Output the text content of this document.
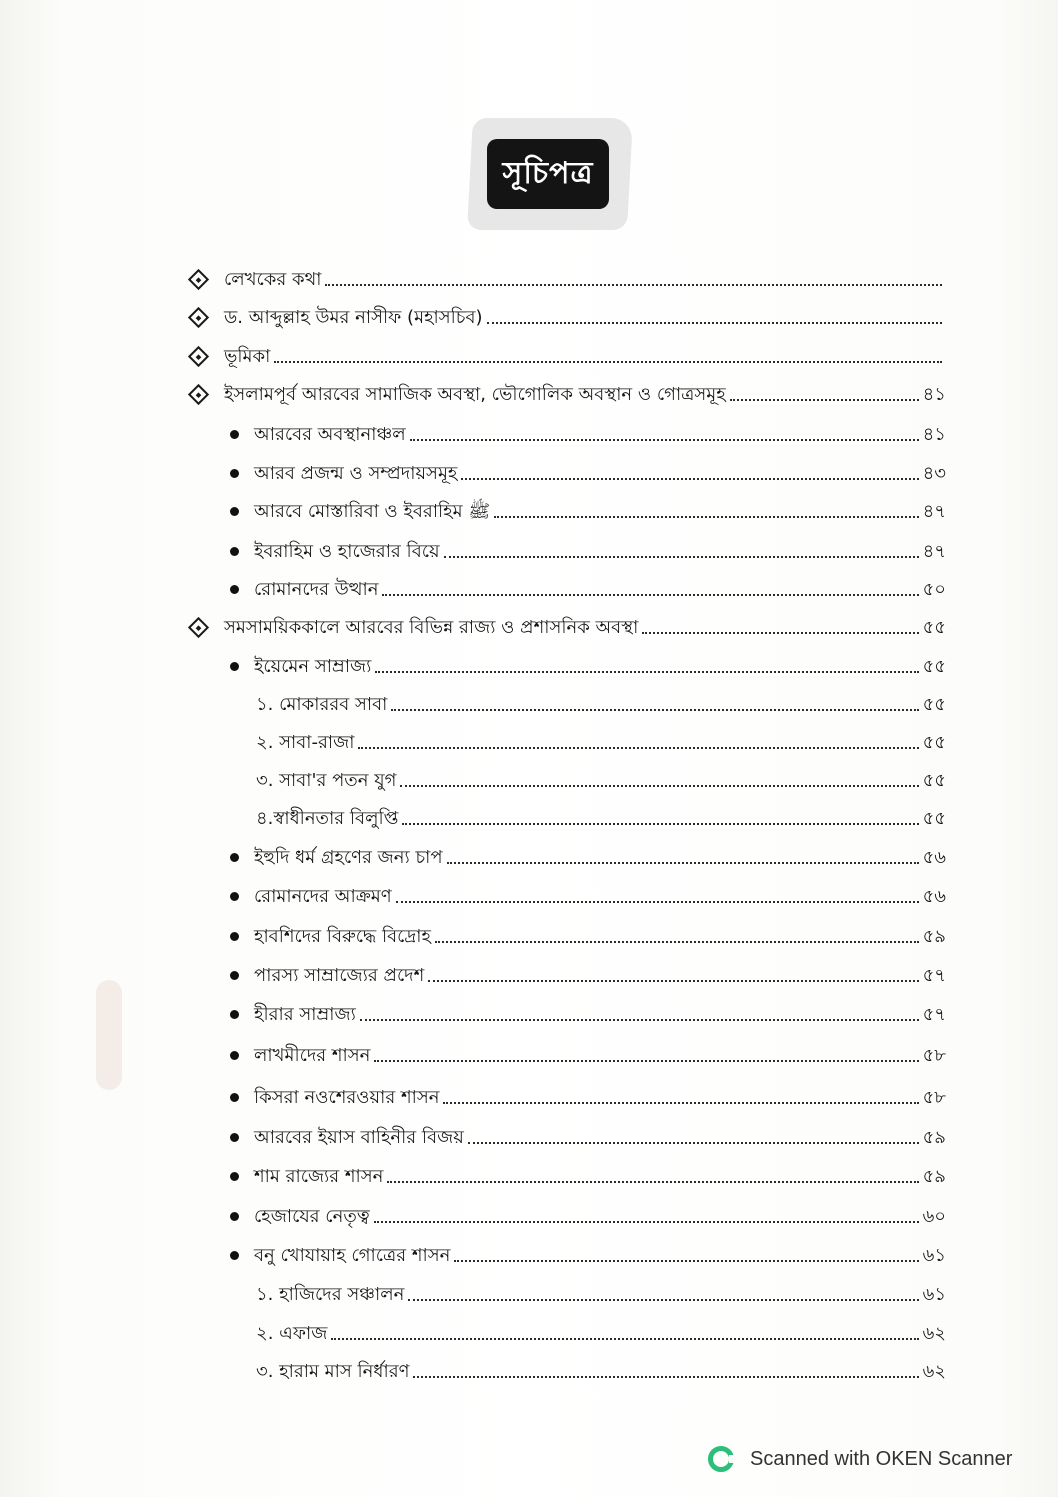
সূচিপত্র
লেখকের কথা
ড. আব্দুল্লাহ উমর নাসীফ (মহাসচিব)
ভূমিকা
ইসলামপূর্ব আরবের সামাজিক অবস্থা, ভৌগোলিক অবস্থান ও গোত্রসমূহ	৪১
আরবের অবস্থানাঞ্চল	৪১
আরব প্রজন্ম ও সম্প্রদায়সমূহ	৪৩
আরবে মোস্তারিবা ও ইবরাহিম ﷺ	৪৭
ইবরাহিম ও হাজেরার বিয়ে	৪৭
রোমানদের উত্থান	৫০
সমসাময়িককালে আরবের বিভিন্ন রাজ্য ও প্রশাসনিক অবস্থা	৫৫
ইয়েমেন সাম্রাজ্য	৫৫
১. মোকাররব সাবা	৫৫
২. সাবা-রাজা	৫৫
৩. সাবা'র পতন যুগ	৫৫
৪.স্বাধীনতার বিলুপ্তি	৫৫
ইহুদি ধর্ম গ্রহণের জন্য চাপ	৫৬
রোমানদের আক্রমণ	৫৬
হাবশিদের বিরুদ্ধে বিদ্রোহ	৫৯
পারস্য সাম্রাজ্যের প্রদেশ	৫৭
হীরার সাম্রাজ্য	৫৭
লাখমীদের শাসন	৫৮
কিসরা নওশেরওয়ার শাসন	৫৮
আরবের ইয়াস বাহিনীর বিজয়	৫৯
শাম রাজ্যের শাসন	৫৯
হেজাযের নেতৃত্ব	৬০
বনু খোযায়াহ গোত্রের শাসন	৬১
১. হাজিদের সঞ্চালন	৬১
২. এফাজ	৬২
৩. হারাম মাস নির্ধারণ	৬২
Scanned with OKEN Scanner
